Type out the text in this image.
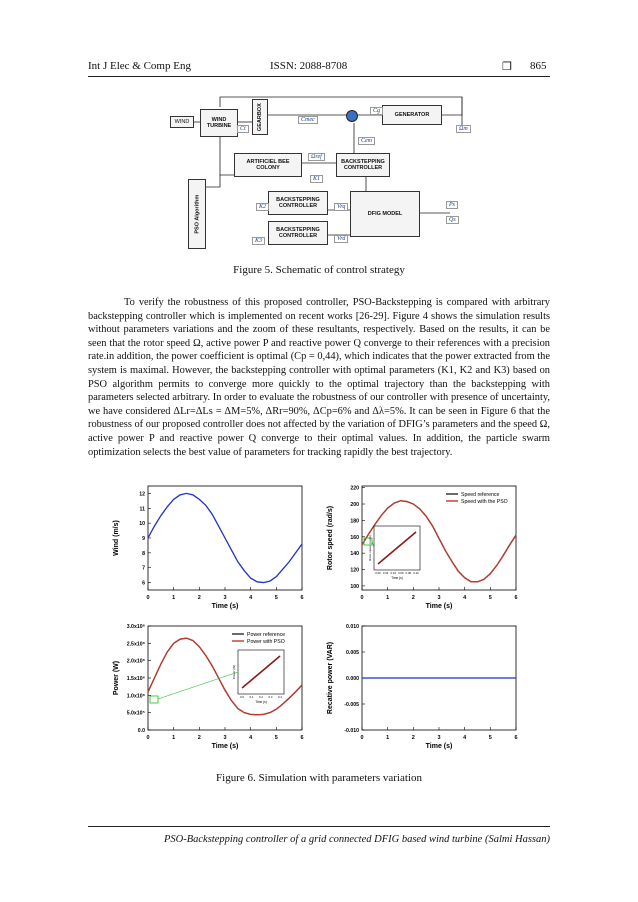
Int J Elec & Comp Eng	ISSN: 2088-8708	❐ 865
WIND	WIND
TURBINE	GEARBOX	GENERATOR
ARTIFICIEL BEE
COLONY
BACKSTEPPING
CONTROLLER
BACKSTEPPING
CONTROLLER
BACKSTEPPING
CONTROLLER
DFIG MODEL
PSO Algorithm
Ct
Cmec
Cg
Ωm
Cem
Ωref
K1
K2	Vrq	Ps
Qs
K3	Vrd
Figure 5. Schematic of control strategy

To verify the robustness of this proposed controller, PSO-Backstepping is compared with arbitrary backstepping controller which is implemented on recent works [26-29]. Figure 4 shows the simulation results without parameters variations and the zoom of these resultants, respectively. Based on the results, it can be seen that the rotor speed Ω, active power P and reactive power Q converge to their references with a precision rate.in addition, the power coefficient is optimal (Cp = 0,44), which indicates that the power extracted from the system is maximal. However, the backstepping controller with optimal parameters (K1, K2 and K3) based on PSO algorithm permits to converge more quickly to the optimal trajectory than the backstepping with parameters selected arbitrary. In order to evaluate the robustness of our controller with presence of uncertainty, we have considered ΔLr=ΔLs = ΔM=5%, ΔRr=90%, ΔCp=6% and Δλ=5%. It can be seen in Figure 6 that the robustness of our proposed controller does not affected by the variation of DFIG’s parameters and the speed Ω, active power P and reactive power Q converge to their optimal values. In addition, the particle swarm optimization selects the best value of parameters for tracking rapidly the best trajectory.

0	1	2	3	4	5	6
6
7
8
9
10
11
12
Time (s)
Wind (m/s)
0	1	2	3	4	5	6
100
120
140
160
180
200
220
Time (s)
Rotor speed (rad/s)
Speed reference
Speed with the PSO
0.00 0.02 0.04 0.06 0.08 0.10
Time (s)
Rotor speed (rad/s)
0	1	2	3	4	5	6
0.0
5.0x10⁵
1.0x10⁶
1.5x10⁶
2.0x10⁶
2.5x10⁶
3.0x10⁶
Time (s)
Power (W)
Power reference
Power with PSO
0.0 0.1 0.2 0.3 0.4
Time (s)
Power (W)
0	1	2	3	4	5	6
-0.010
-0.005
0.000
0.005
0.010
Time (s)
Recative power (VAR)
Figure 6. Simulation with parameters variation
PSO-Backstepping controller of a grid connected DFIG based wind turbine (Salmi Hassan)
